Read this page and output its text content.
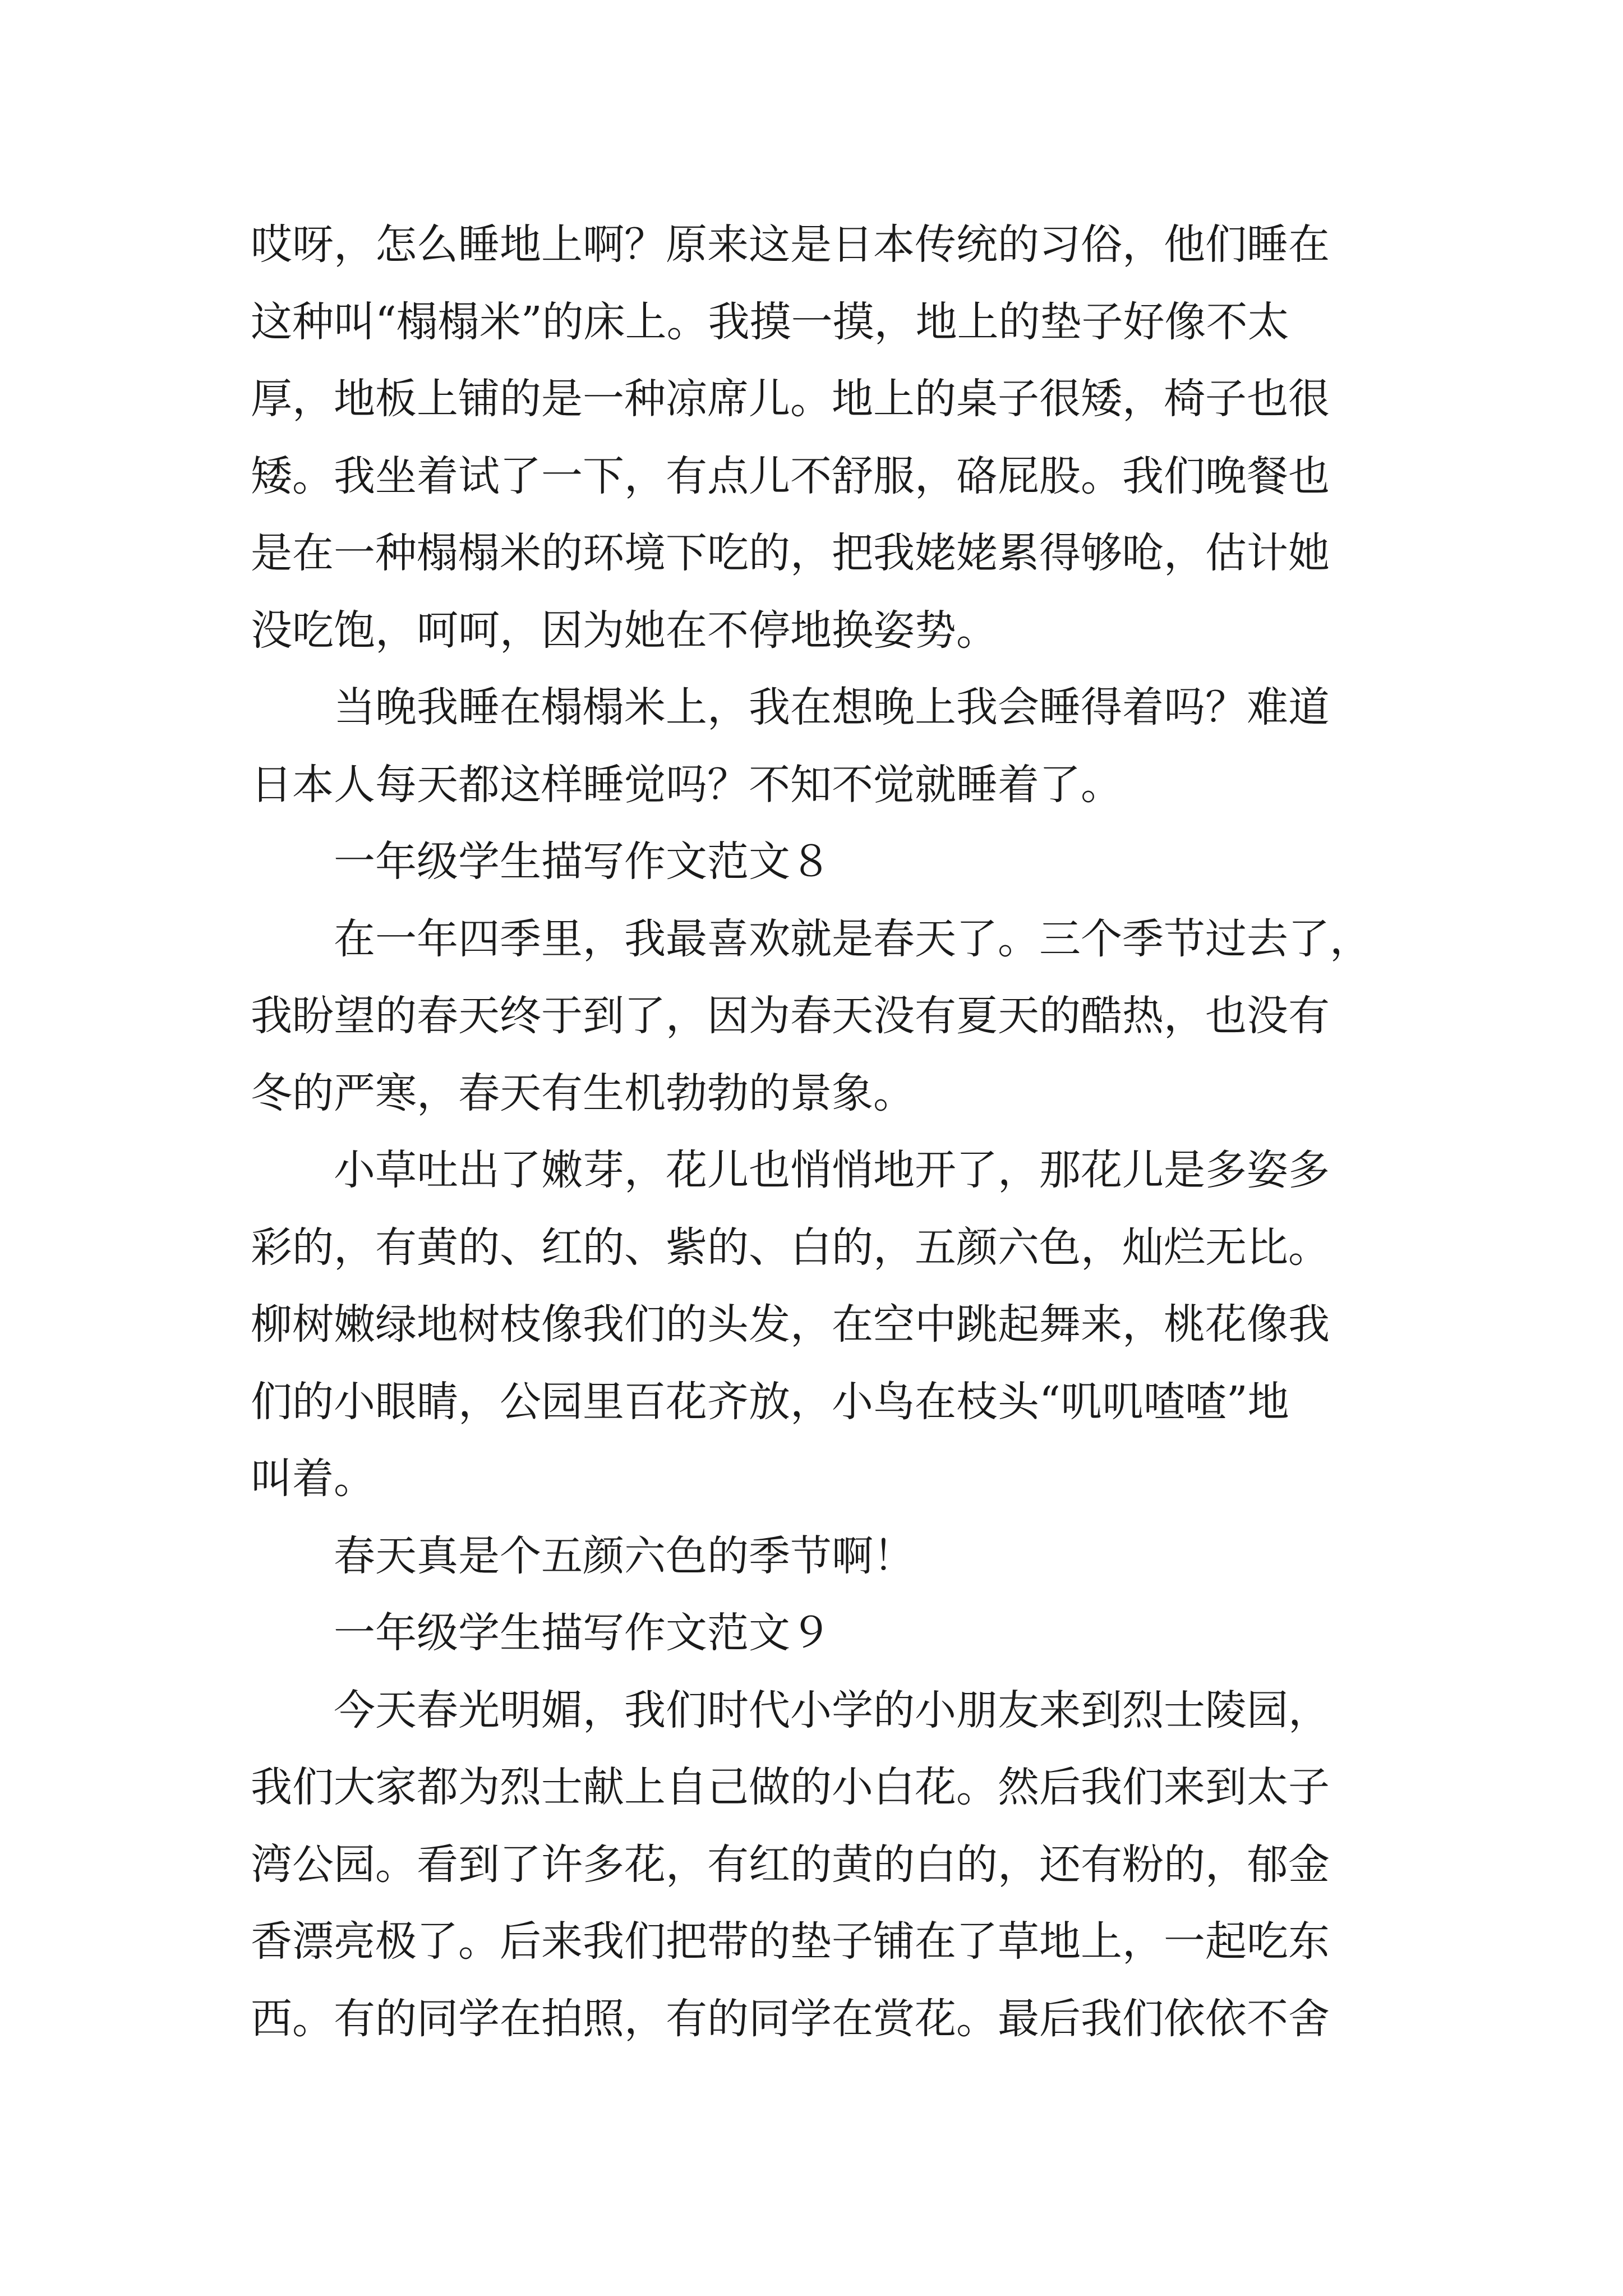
哎呀，怎么睡地上啊？原来这是日本传统的习俗，他们睡在
这种叫“榻榻米”的床上。我摸一摸，地上的垫子好像不太
厚，地板上铺的是一种凉席儿。地上的桌子很矮，椅子也很
矮。我坐着试了一下，有点儿不舒服，硌屁股。我们晚餐也
是在一种榻榻米的环境下吃的，把我姥姥累得够呛，估计她
没吃饱，呵呵，因为她在不停地换姿势。
当晚我睡在榻榻米上，我在想晚上我会睡得着吗？难道
日本人每天都这样睡觉吗？不知不觉就睡着了。
一年级学生描写作文范文８
在一年四季里，我最喜欢就是春天了。三个季节过去了，
我盼望的春天终于到了，因为春天没有夏天的酷热，也没有
冬的严寒，春天有生机勃勃的景象。
小草吐出了嫩芽，花儿也悄悄地开了，那花儿是多姿多
彩的，有黄的、红的、紫的、白的，五颜六色，灿烂无比。
柳树嫩绿地树枝像我们的头发，在空中跳起舞来，桃花像我
们的小眼睛，公园里百花齐放，小鸟在枝头“叽叽喳喳”地
叫着。
春天真是个五颜六色的季节啊！
一年级学生描写作文范文９
今天春光明媚，我们时代小学的小朋友来到烈士陵园，
我们大家都为烈士献上自己做的小白花。然后我们来到太子
湾公园。看到了许多花，有红的黄的白的，还有粉的，郁金
香漂亮极了。后来我们把带的垫子铺在了草地上，一起吃东
西。有的同学在拍照，有的同学在赏花。最后我们依依不舍
